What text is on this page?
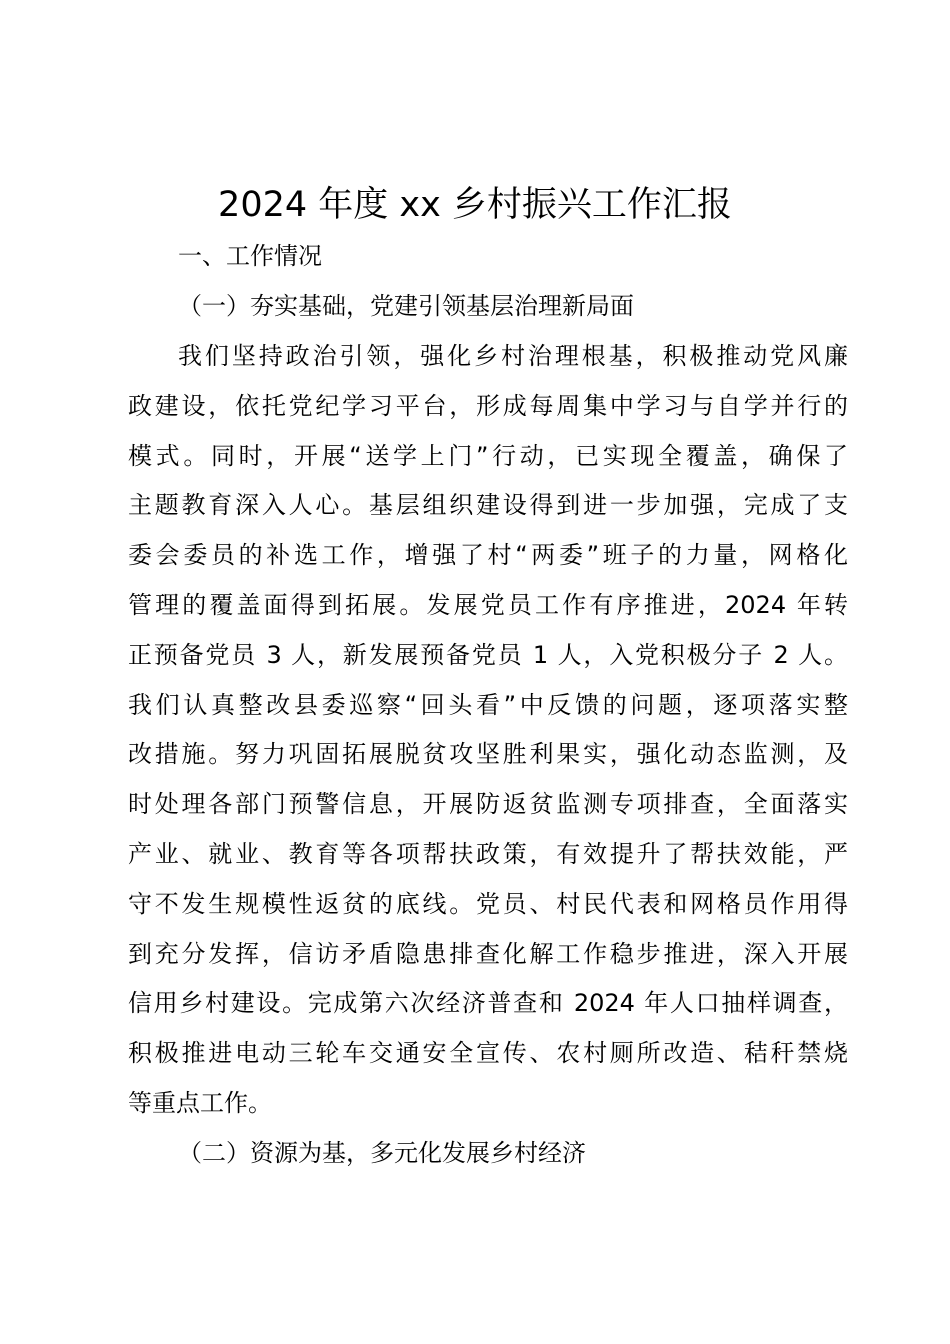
2024 年度 xx 乡村振兴工作汇报
一、工作情况
（一）夯实基础，党建引领基层治理新局面
我们坚持政治引领，强化乡村治理根基，积极推动党风廉
政建设，依托党纪学习平台，形成每周集中学习与自学并行的
模式。同时，开展“送学上门”行动，已实现全覆盖，确保了
主题教育深入人心。基层组织建设得到进一步加强，完成了支
委会委员的补选工作，增强了村“两委”班子的力量，网格化
管理的覆盖面得到拓展。发展党员工作有序推进，2024 年转
正预备党员 3 人，新发展预备党员 1 人，入党积极分子 2 人。
我们认真整改县委巡察“回头看”中反馈的问题，逐项落实整
改措施。努力巩固拓展脱贫攻坚胜利果实，强化动态监测，及
时处理各部门预警信息，开展防返贫监测专项排查，全面落实
产业、就业、教育等各项帮扶政策，有效提升了帮扶效能，严
守不发生规模性返贫的底线。党员、村民代表和网格员作用得
到充分发挥，信访矛盾隐患排查化解工作稳步推进，深入开展
信用乡村建设。完成第六次经济普查和 2024 年人口抽样调查，
积极推进电动三轮车交通安全宣传、农村厕所改造、秸秆禁烧
等重点工作。
（二）资源为基，多元化发展乡村经济
